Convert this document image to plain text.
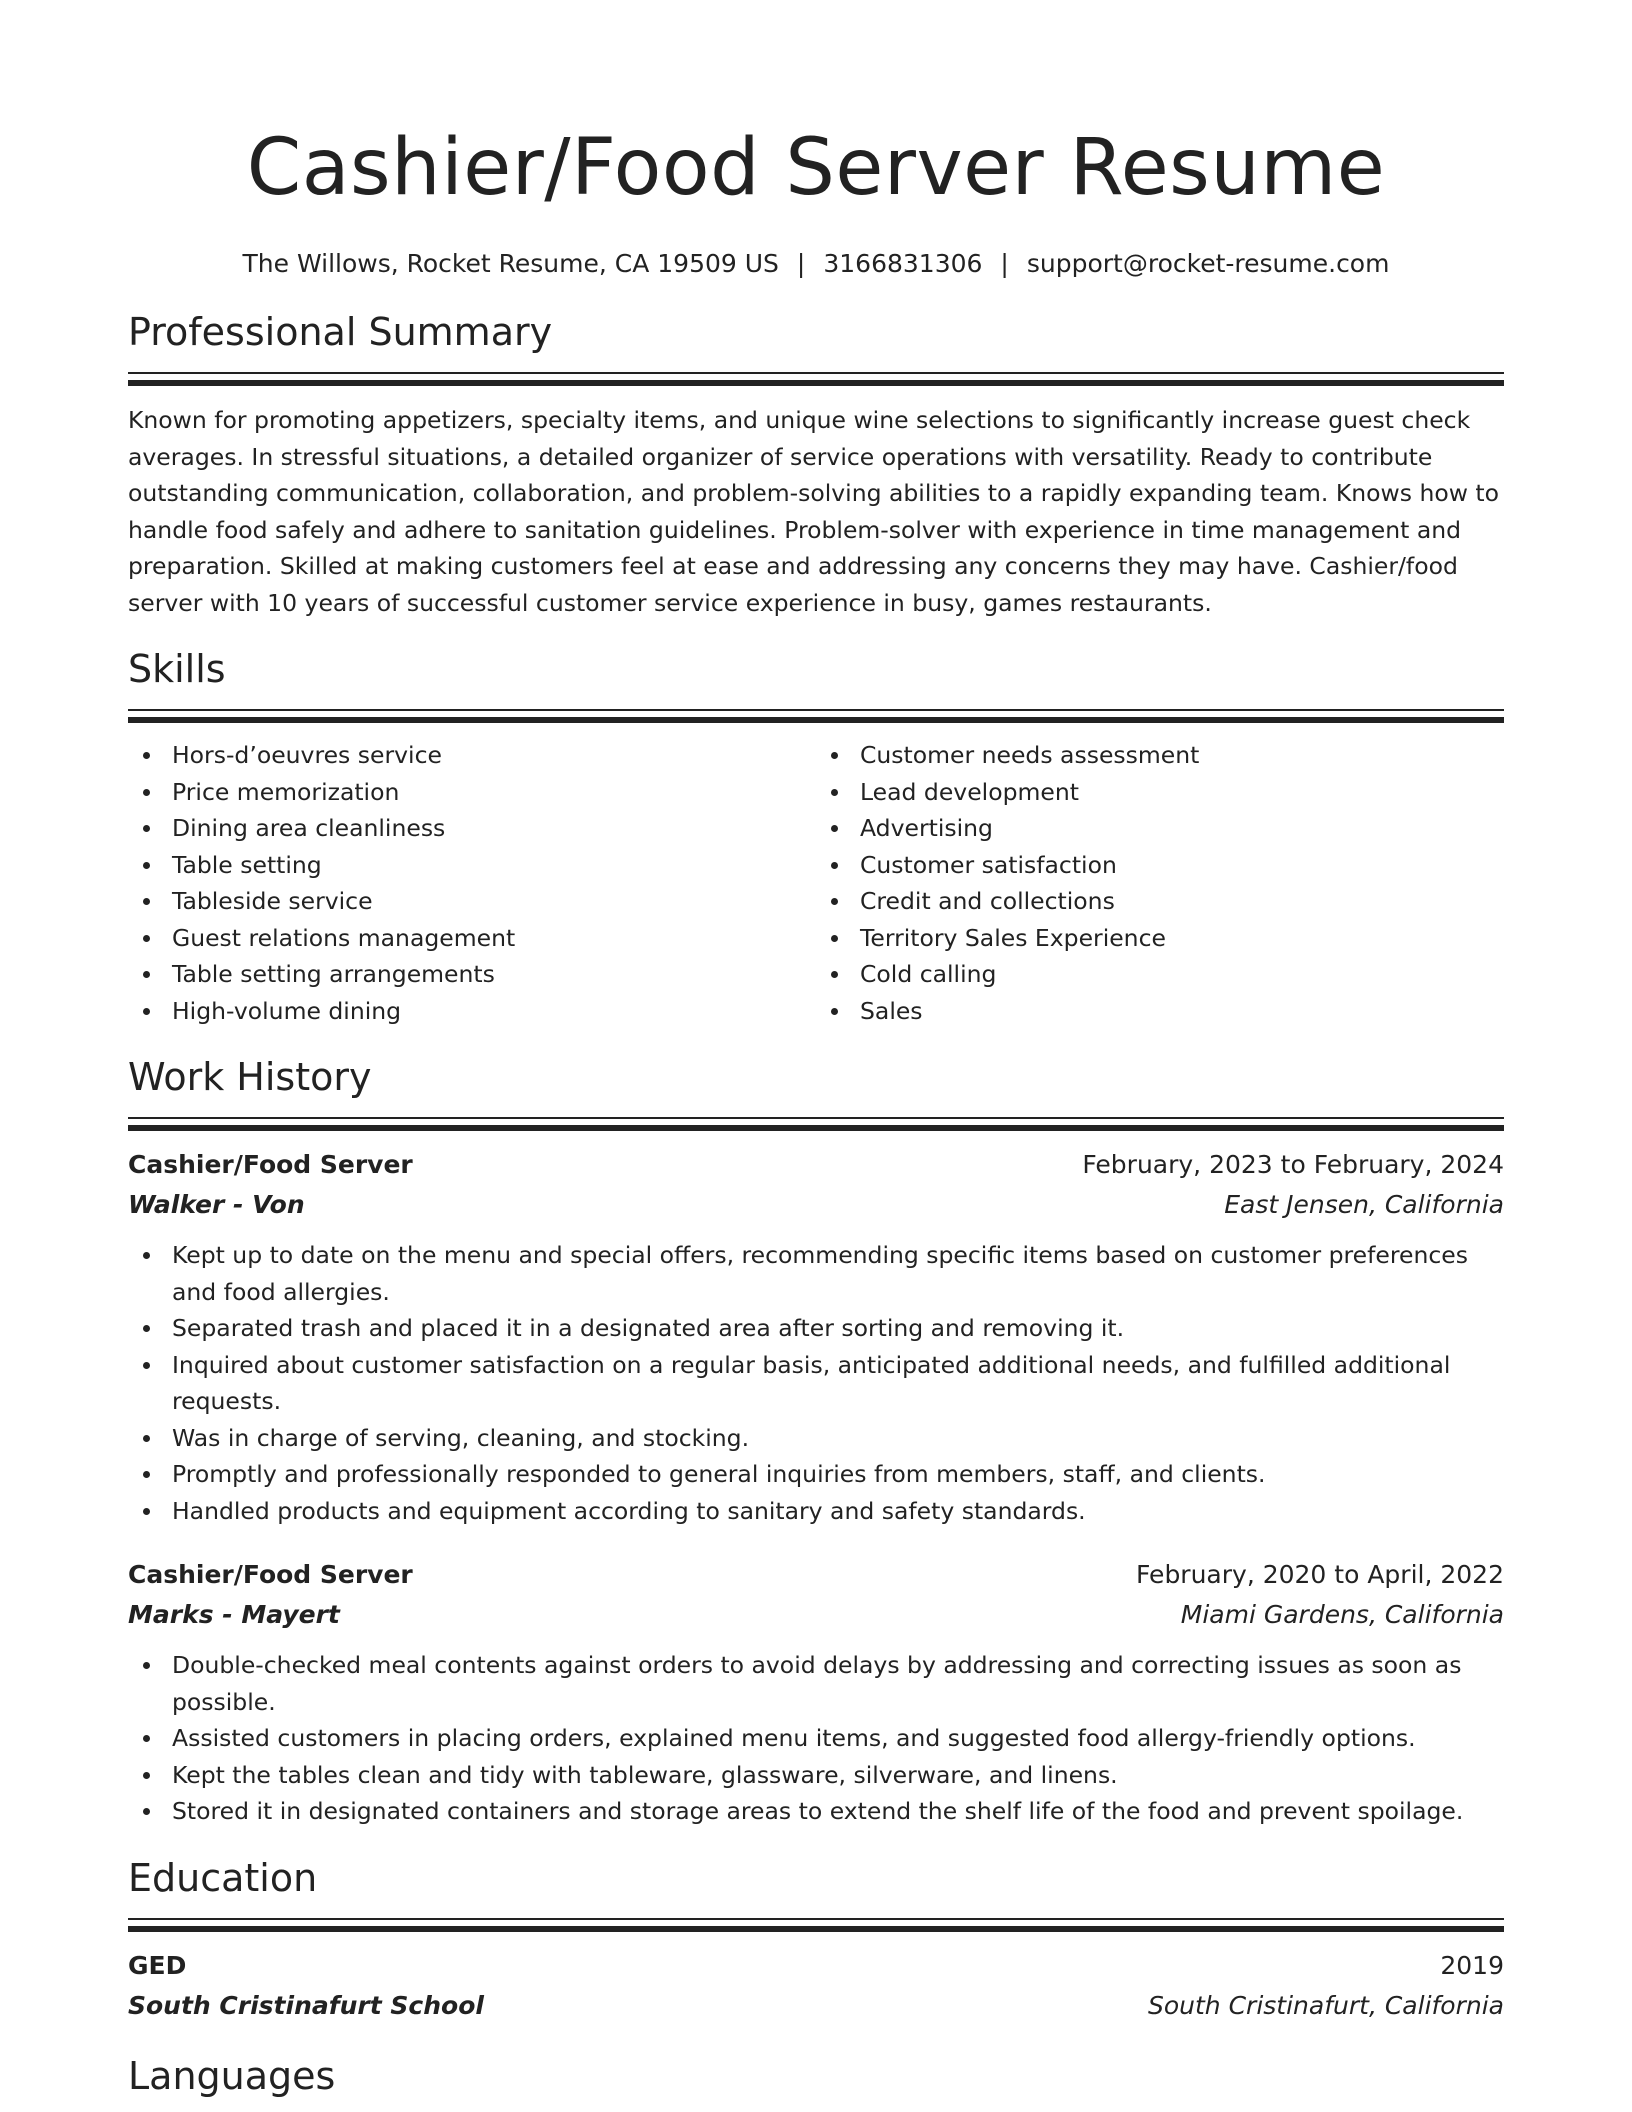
Cashier/Food Server Resume
The Willows, Rocket Resume, CA 19509 US | 3166831306 | support@rocket-resume.com
Professional Summary

Known for promoting appetizers, specialty items, and unique wine selections to significantly increase guest check averages. In stressful situations, a detailed organizer of service operations with versatility. Ready to contribute outstanding communication, collaboration, and problem-solving abilities to a rapidly expanding team. Knows how to handle food safely and adhere to sanitation guidelines. Problem-solver with experience in time management and preparation. Skilled at making customers feel at ease and addressing any concerns they may have. Cashier/food server with 10 years of successful customer service experience in busy, games restaurants.

Skills
Hors-d’oeuvres service
Price memorization
Dining area cleanliness
Table setting
Tableside service
Guest relations management
Table setting arrangements
High-volume dining
Customer needs assessment
Lead development
Advertising
Customer satisfaction
Credit and collections
Territory Sales Experience
Cold calling
Sales
Work History
Cashier/Food Server	February, 2023 to February, 2024
Walker - Von	East Jensen, California
Kept up to date on the menu and special offers, recommending specific items based on customer preferences and food allergies.
Separated trash and placed it in a designated area after sorting and removing it.
Inquired about customer satisfaction on a regular basis, anticipated additional needs, and fulfilled additional requests.
Was in charge of serving, cleaning, and stocking.
Promptly and professionally responded to general inquiries from members, staff, and clients.
Handled products and equipment according to sanitary and safety standards.
Cashier/Food Server	February, 2020 to April, 2022
Marks - Mayert	Miami Gardens, California
Double-checked meal contents against orders to avoid delays by addressing and correcting issues as soon as possible.
Assisted customers in placing orders, explained menu items, and suggested food allergy-friendly options.
Kept the tables clean and tidy with tableware, glassware, silverware, and linens.
Stored it in designated containers and storage areas to extend the shelf life of the food and prevent spoilage.
Education
GED	2019
South Cristinafurt School	South Cristinafurt, California
Languages
